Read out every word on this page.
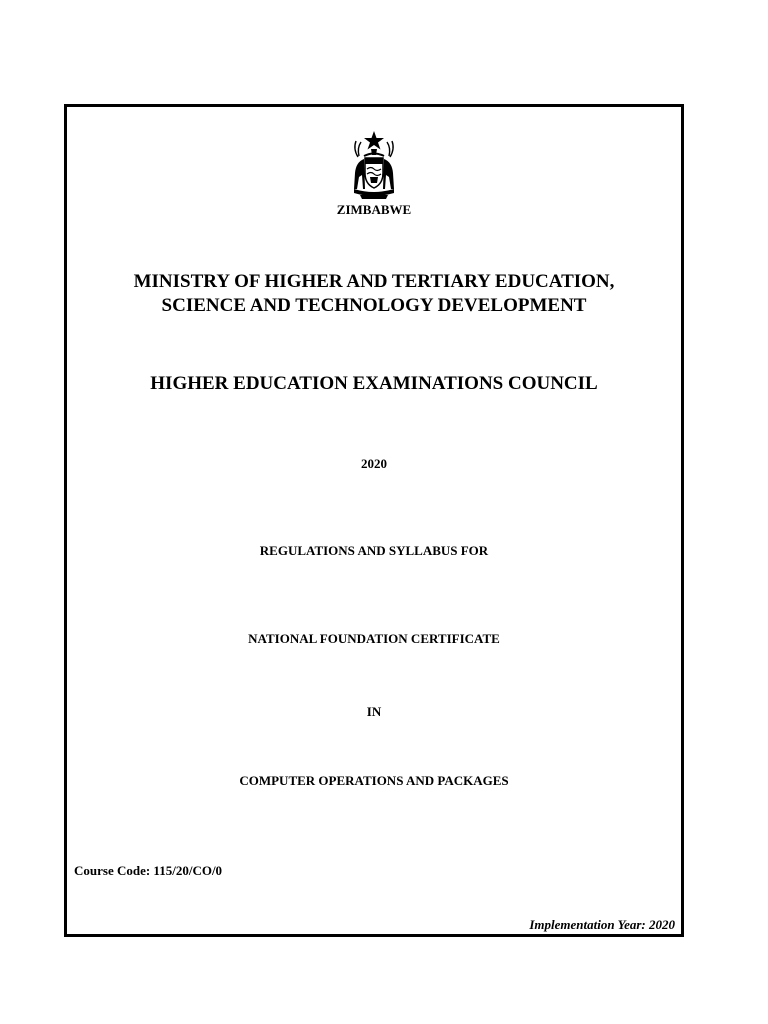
ZIMBABWE

MINISTRY OF HIGHER AND TERTIARY EDUCATION,
SCIENCE AND TECHNOLOGY DEVELOPMENT

HIGHER EDUCATION EXAMINATIONS COUNCIL

2020

REGULATIONS AND SYLLABUS FOR

NATIONAL FOUNDATION CERTIFICATE

IN

COMPUTER OPERATIONS AND PACKAGES

Course Code: 115/20/CO/0

Implementation Year: 2020
